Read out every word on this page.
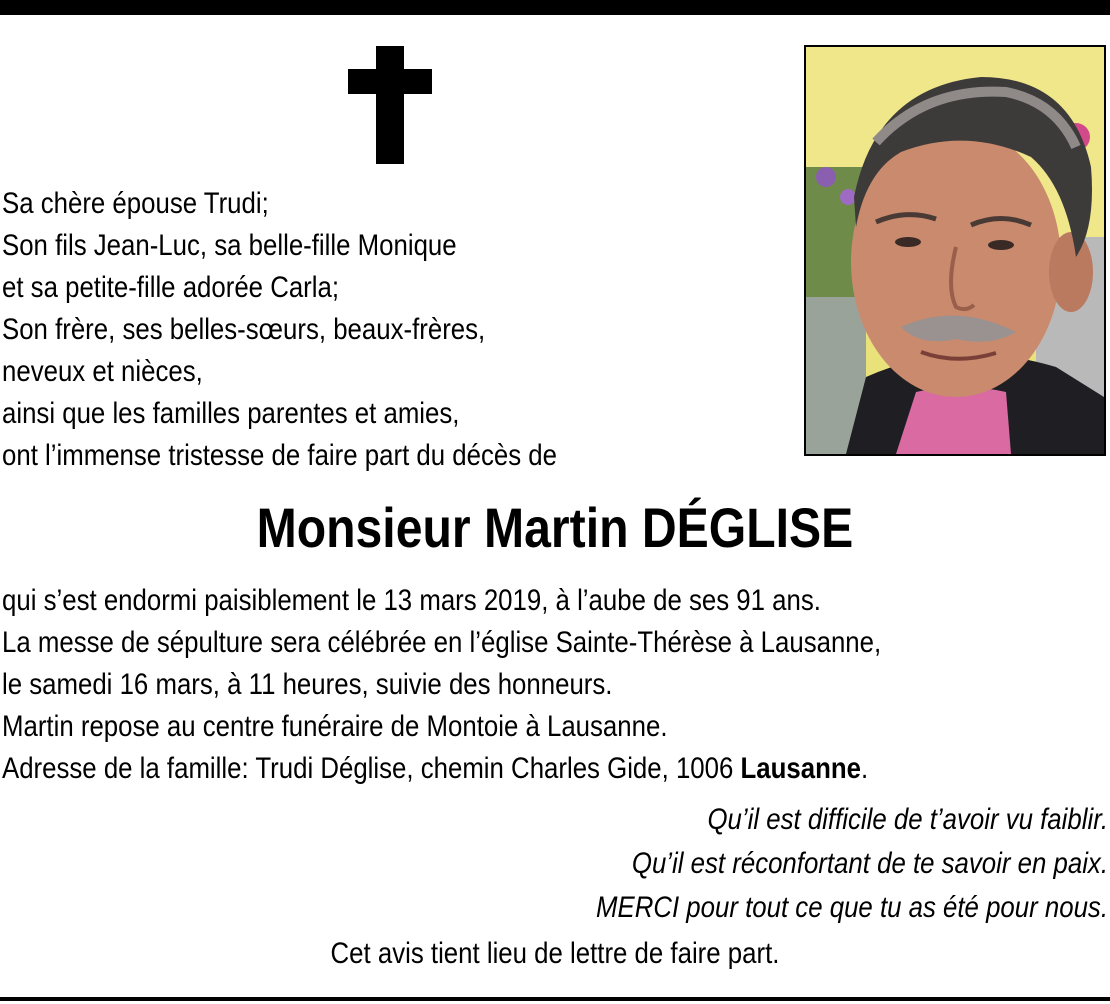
Sa chère épouse Trudi;
Son fils Jean-Luc, sa belle-fille Monique
et sa petite-fille adorée Carla;
Son frère, ses belles-sœurs, beaux-frères,
neveux et nièces,
ainsi que les familles parentes et amies,
ont l’immense tristesse de faire part du décès de
Monsieur Martin DÉGLISE
qui s’est endormi paisiblement le 13 mars 2019, à l’aube de ses 91 ans.
La messe de sépulture sera célébrée en l’église Sainte-Thérèse à Lausanne,
le samedi 16 mars, à 11 heures, suivie des honneurs.
Martin repose au centre funéraire de Montoie à Lausanne.
Adresse de la famille: Trudi Déglise, chemin Charles Gide, 1006 Lausanne.
Qu’il est difficile de t’avoir vu faiblir.
Qu’il est réconfortant de te savoir en paix.
MERCI pour tout ce que tu as été pour nous.
Cet avis tient lieu de lettre de faire part.
